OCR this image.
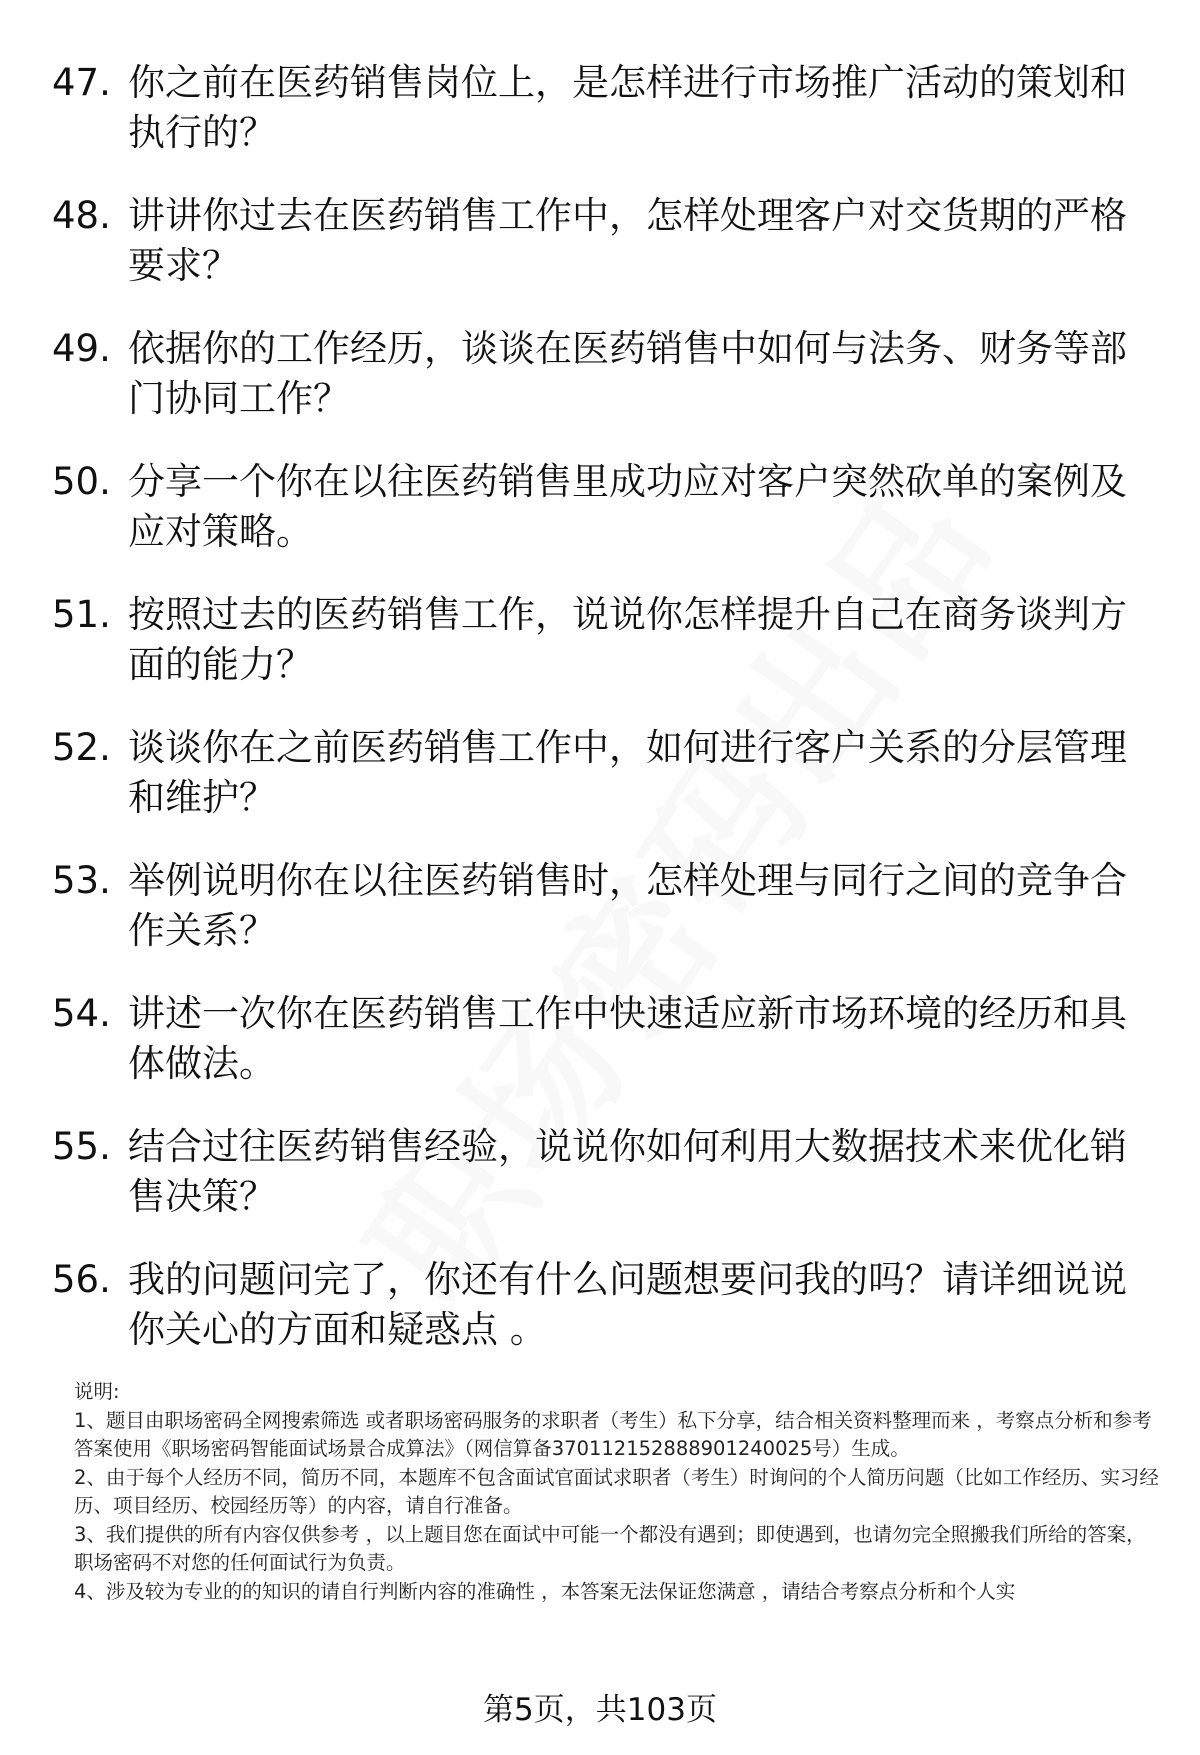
47. 你之前在医药销售岗位上，是怎样进行市场推广活动的策划和执行的？
48. 讲讲你过去在医药销售工作中，怎样处理客户对交货期的严格要求？
49. 依据你的工作经历，谈谈在医药销售中如何与法务、财务等部门协同工作？
50. 分享一个你在以往医药销售里成功应对客户突然砍单的案例及应对策略。
51. 按照过去的医药销售工作，说说你怎样提升自己在商务谈判方面的能力？
52. 谈谈你在之前医药销售工作中，如何进行客户关系的分层管理和维护？
53. 举例说明你在以往医药销售时，怎样处理与同行之间的竞争合作关系？
54. 讲述一次你在医药销售工作中快速适应新市场环境的经历和具体做法。
55. 结合过往医药销售经验，说说你如何利用大数据技术来优化销售决策？
56. 我的问题问完了，你还有什么问题想要问我的吗？请详细说说你关心的方面和疑惑点 。
说明:
1、题目由职场密码全网搜索筛选 或者职场密码服务的求职者（考生）私下分享，结合相关资料整理而来 ，考察点分析和参考答案使用《职场密码智能面试场景合成算法》（网信算备370112152888901240025号）生成。
2、由于每个人经历不同，简历不同，本题库不包含面试官面试求职者（考生）时询问的个人简历问题（比如工作经历、实习经历、项目经历、校园经历等）的内容，请自行准备。
3、我们提供的所有内容仅供参考 ，以上题目您在面试中可能一个都没有遇到；即使遇到，也请勿完全照搬我们所给的答案，职场密码不对您的任何面试行为负责。
4、涉及较为专业的的知识的请自行判断内容的准确性 ，本答案无法保证您满意 ，请结合考察点分析和个人实
第5页，共103页
